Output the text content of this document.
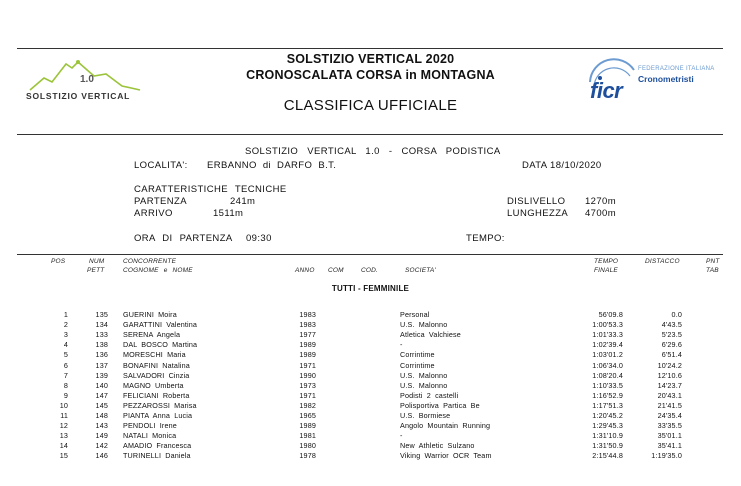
1.0
SOLSTIZIO VERTICAL	ficr
FEDERAZIONE ITALIANA
Cronometristi
SOLSTIZIO VERTICAL 2020
CRONOSCALATA CORSA in MONTAGNA
CLASSIFICA UFFICIALE
SOLSTIZIO VERTICAL 1.0 - CORSA PODISTICA
LOCALITA': ERBANNO di DARFO B.T.	DATA 18/10/2020
CARATTERISTICHE TECNICHE
PARTENZA	241m
ARRIVO	1511m
DISLIVELLO 1270m
LUNGHEZZA 4700m
ORA DI PARTENZA 09:30	TEMPO:
POS	NUM
PETT
CONCORRENTE
COGNOME e NOME	ANNO COM	COD.	SOCIETA'
TEMPO
FINALE
DISTACCO	PNT
TAB
TUTTI - FEMMINILE
1	135 GUERINI Moira	1983	Personal	56'09.8	0.0
2	134 GARATTINI Valentina	1983	U.S. Malonno	1:00'53.3	4'43.5
3	133 SERENA Angela	1977	Atletica Valchiese	1:01'33.3	5'23.5
4	138 DAL BOSCO Martina	1989	-	1:02'39.4	6'29.6
5	136 MORESCHI Maria	1989	Corrintime	1:03'01.2	6'51.4
6	137 BONAFINI Natalina	1971	Corrintime	1:06'34.0	10'24.2
7	139 SALVADORI Cinzia	1990	U.S. Malonno	1:08'20.4	12'10.6
8	140 MAGNO Umberta	1973	U.S. Malonno	1:10'33.5	14'23.7
9	147 FELICIANI Roberta	1971	Podisti 2 castelli	1:16'52.9	20'43.1
10	145 PEZZAROSSI Marisa	1982	Polisportiva Partica Be	1:17'51.3	21'41.5
11	148 PIANTA Anna Lucia	1965	U.S. Bormiese	1:20'45.2	24'35.4
12	143 PENDOLI Irene	1989	Angolo Mountain Running	1:29'45.3	33'35.5
13	149 NATALI Monica	1981	-	1:31'10.9	35'01.1
14	142 AMADIO Francesca	1980	New Athletic Sulzano	1:31'50.9	35'41.1
15	146 TURINELLI Daniela	1978	Viking Warrior OCR Team	2:15'44.8	1:19'35.0
